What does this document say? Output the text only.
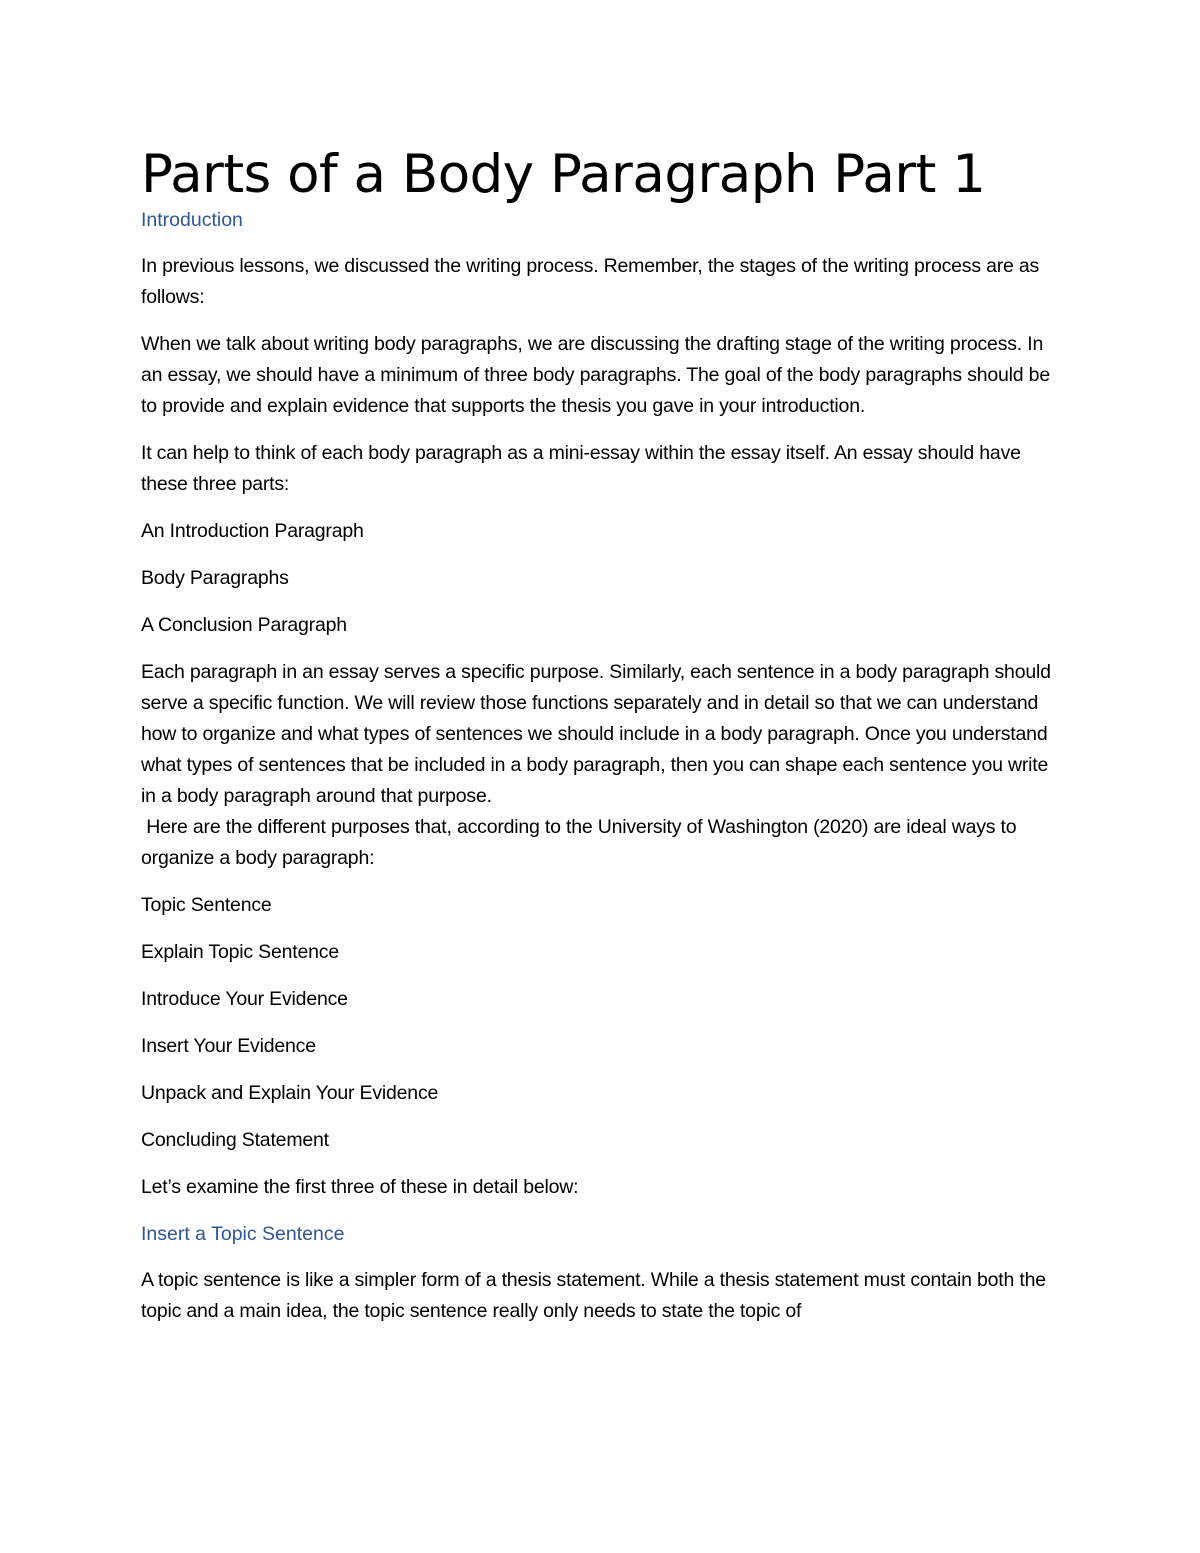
Parts of a Body Paragraph Part 1
Introduction

In previous lessons, we discussed the writing process. Remember, the stages of the writing process are as follows:

When we talk about writing body paragraphs, we are discussing the drafting stage of the writing process. In an essay, we should have a minimum of three body paragraphs. The goal of the body paragraphs should be to provide and explain evidence that supports the thesis you gave in your introduction.

It can help to think of each body paragraph as a mini-essay within the essay itself. An essay should have these three parts:

An Introduction Paragraph

Body Paragraphs

A Conclusion Paragraph

Each paragraph in an essay serves a specific purpose. Similarly, each sentence in a body paragraph should serve a specific function. We will review those functions separately and in detail so that we can understand how to organize and what types of sentences we should include in a body paragraph. Once you understand what types of sentences that be included in a body paragraph, then you can shape each sentence you write in a body paragraph around that purpose.

Here are the different purposes that, according to the University of Washington (2020) are ideal ways to organize a body paragraph:

Topic Sentence

Explain Topic Sentence

Introduce Your Evidence

Insert Your Evidence

Unpack and Explain Your Evidence

Concluding Statement

Let’s examine the first three of these in detail below:

Insert a Topic Sentence

A topic sentence is like a simpler form of a thesis statement. While a thesis statement must contain both the topic and a main idea, the topic sentence really only needs to state the topic of
